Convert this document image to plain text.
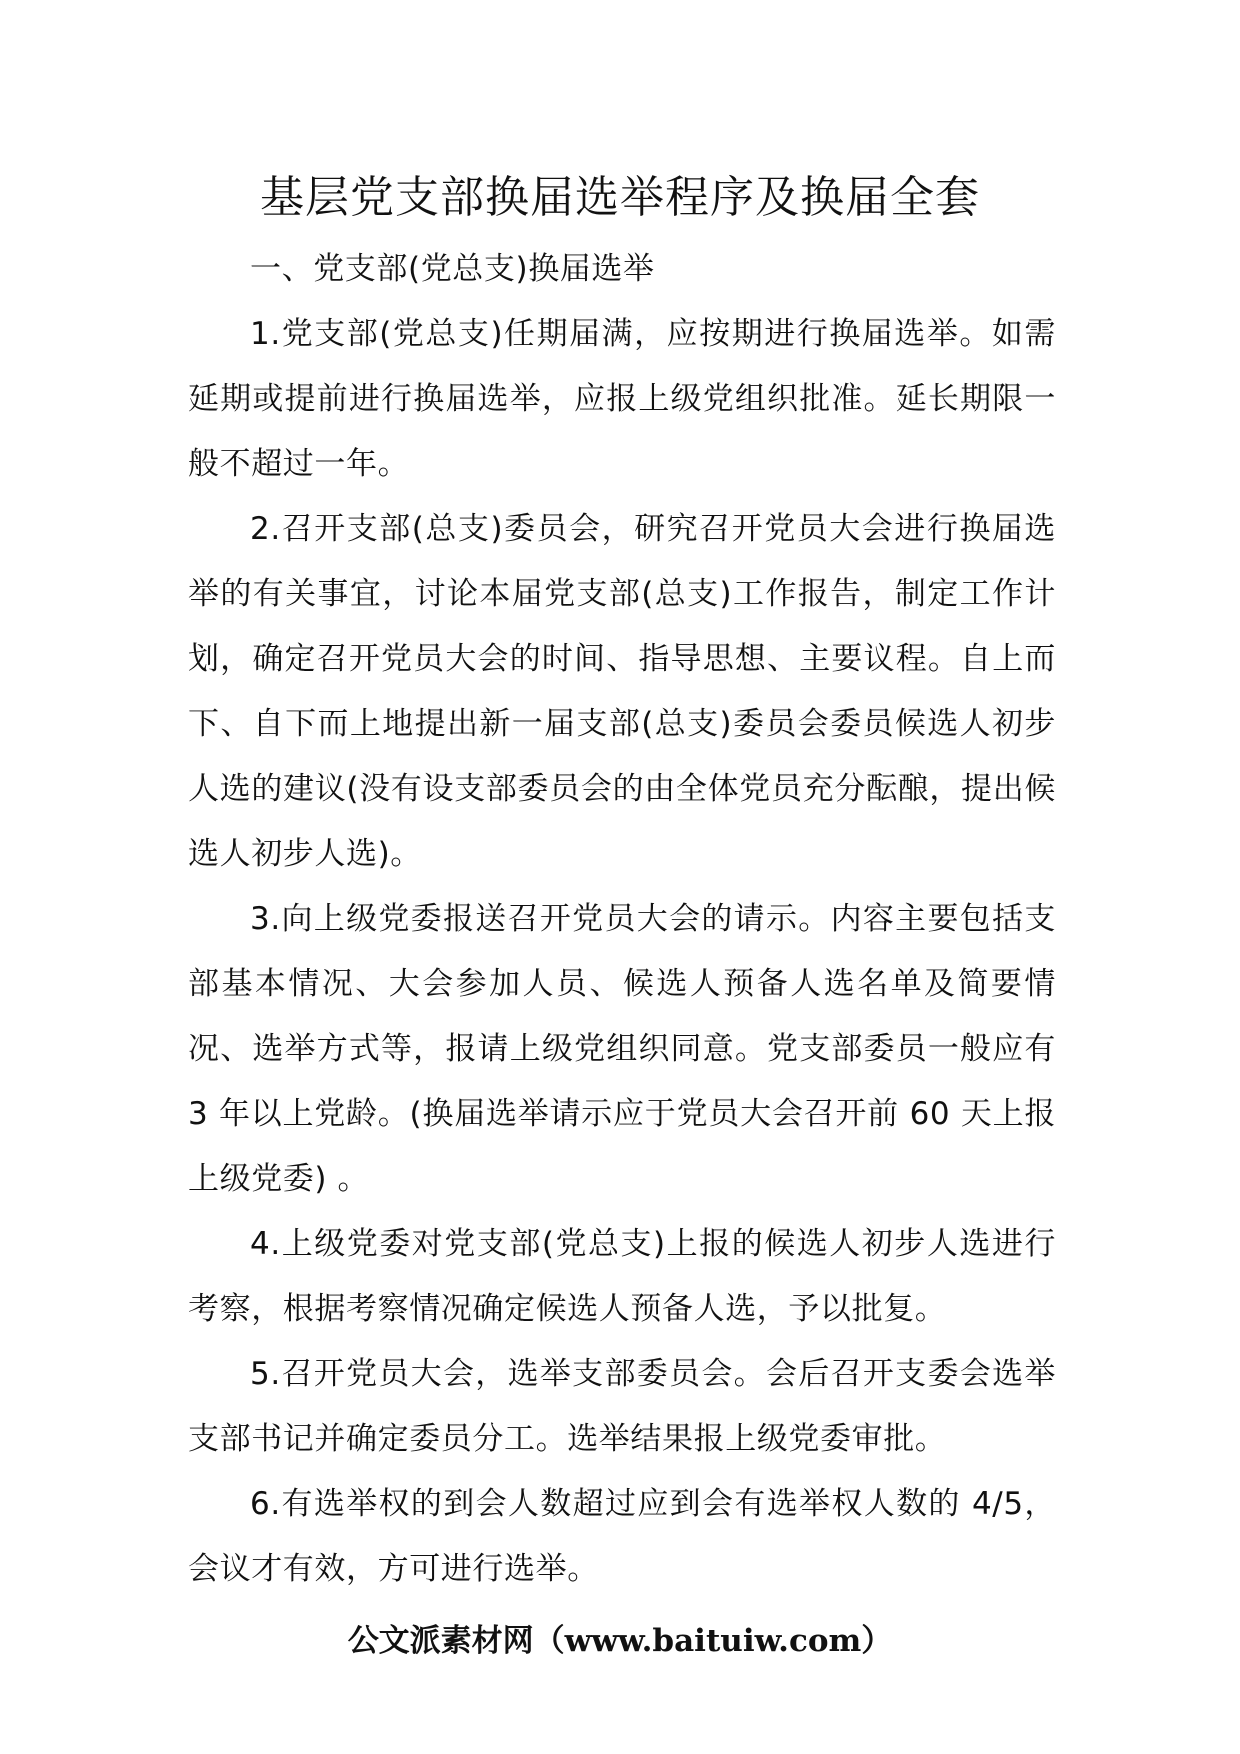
基层党支部换届选举程序及换届全套

一、党支部(党总支)换届选举

1.党支部(党总支)任期届满，应按期进行换届选举。如需延期或提前进行换届选举，应报上级党组织批准。延长期限一般不超过一年。

2.召开支部(总支)委员会，研究召开党员大会进行换届选举的有关事宜，讨论本届党支部(总支)工作报告，制定工作计划，确定召开党员大会的时间、指导思想、主要议程。自上而下、自下而上地提出新一届支部(总支)委员会委员候选人初步人选的建议(没有设支部委员会的由全体党员充分酝酿，提出候选人初步人选)。

3.向上级党委报送召开党员大会的请示。内容主要包括支部基本情况、大会参加人员、候选人预备人选名单及简要情况、选举方式等，报请上级党组织同意。党支部委员一般应有 3 年以上党龄。(换届选举请示应于党员大会召开前 60 天上报上级党委) 。

4.上级党委对党支部(党总支)上报的候选人初步人选进行考察，根据考察情况确定候选人预备人选，予以批复。

5.召开党员大会，选举支部委员会。会后召开支委会选举支部书记并确定委员分工。选举结果报上级党委审批。

6.有选举权的到会人数超过应到会有选举权人数的 4/5，会议才有效，方可进行选举。

公文派素材网（www.baituiw.com）
